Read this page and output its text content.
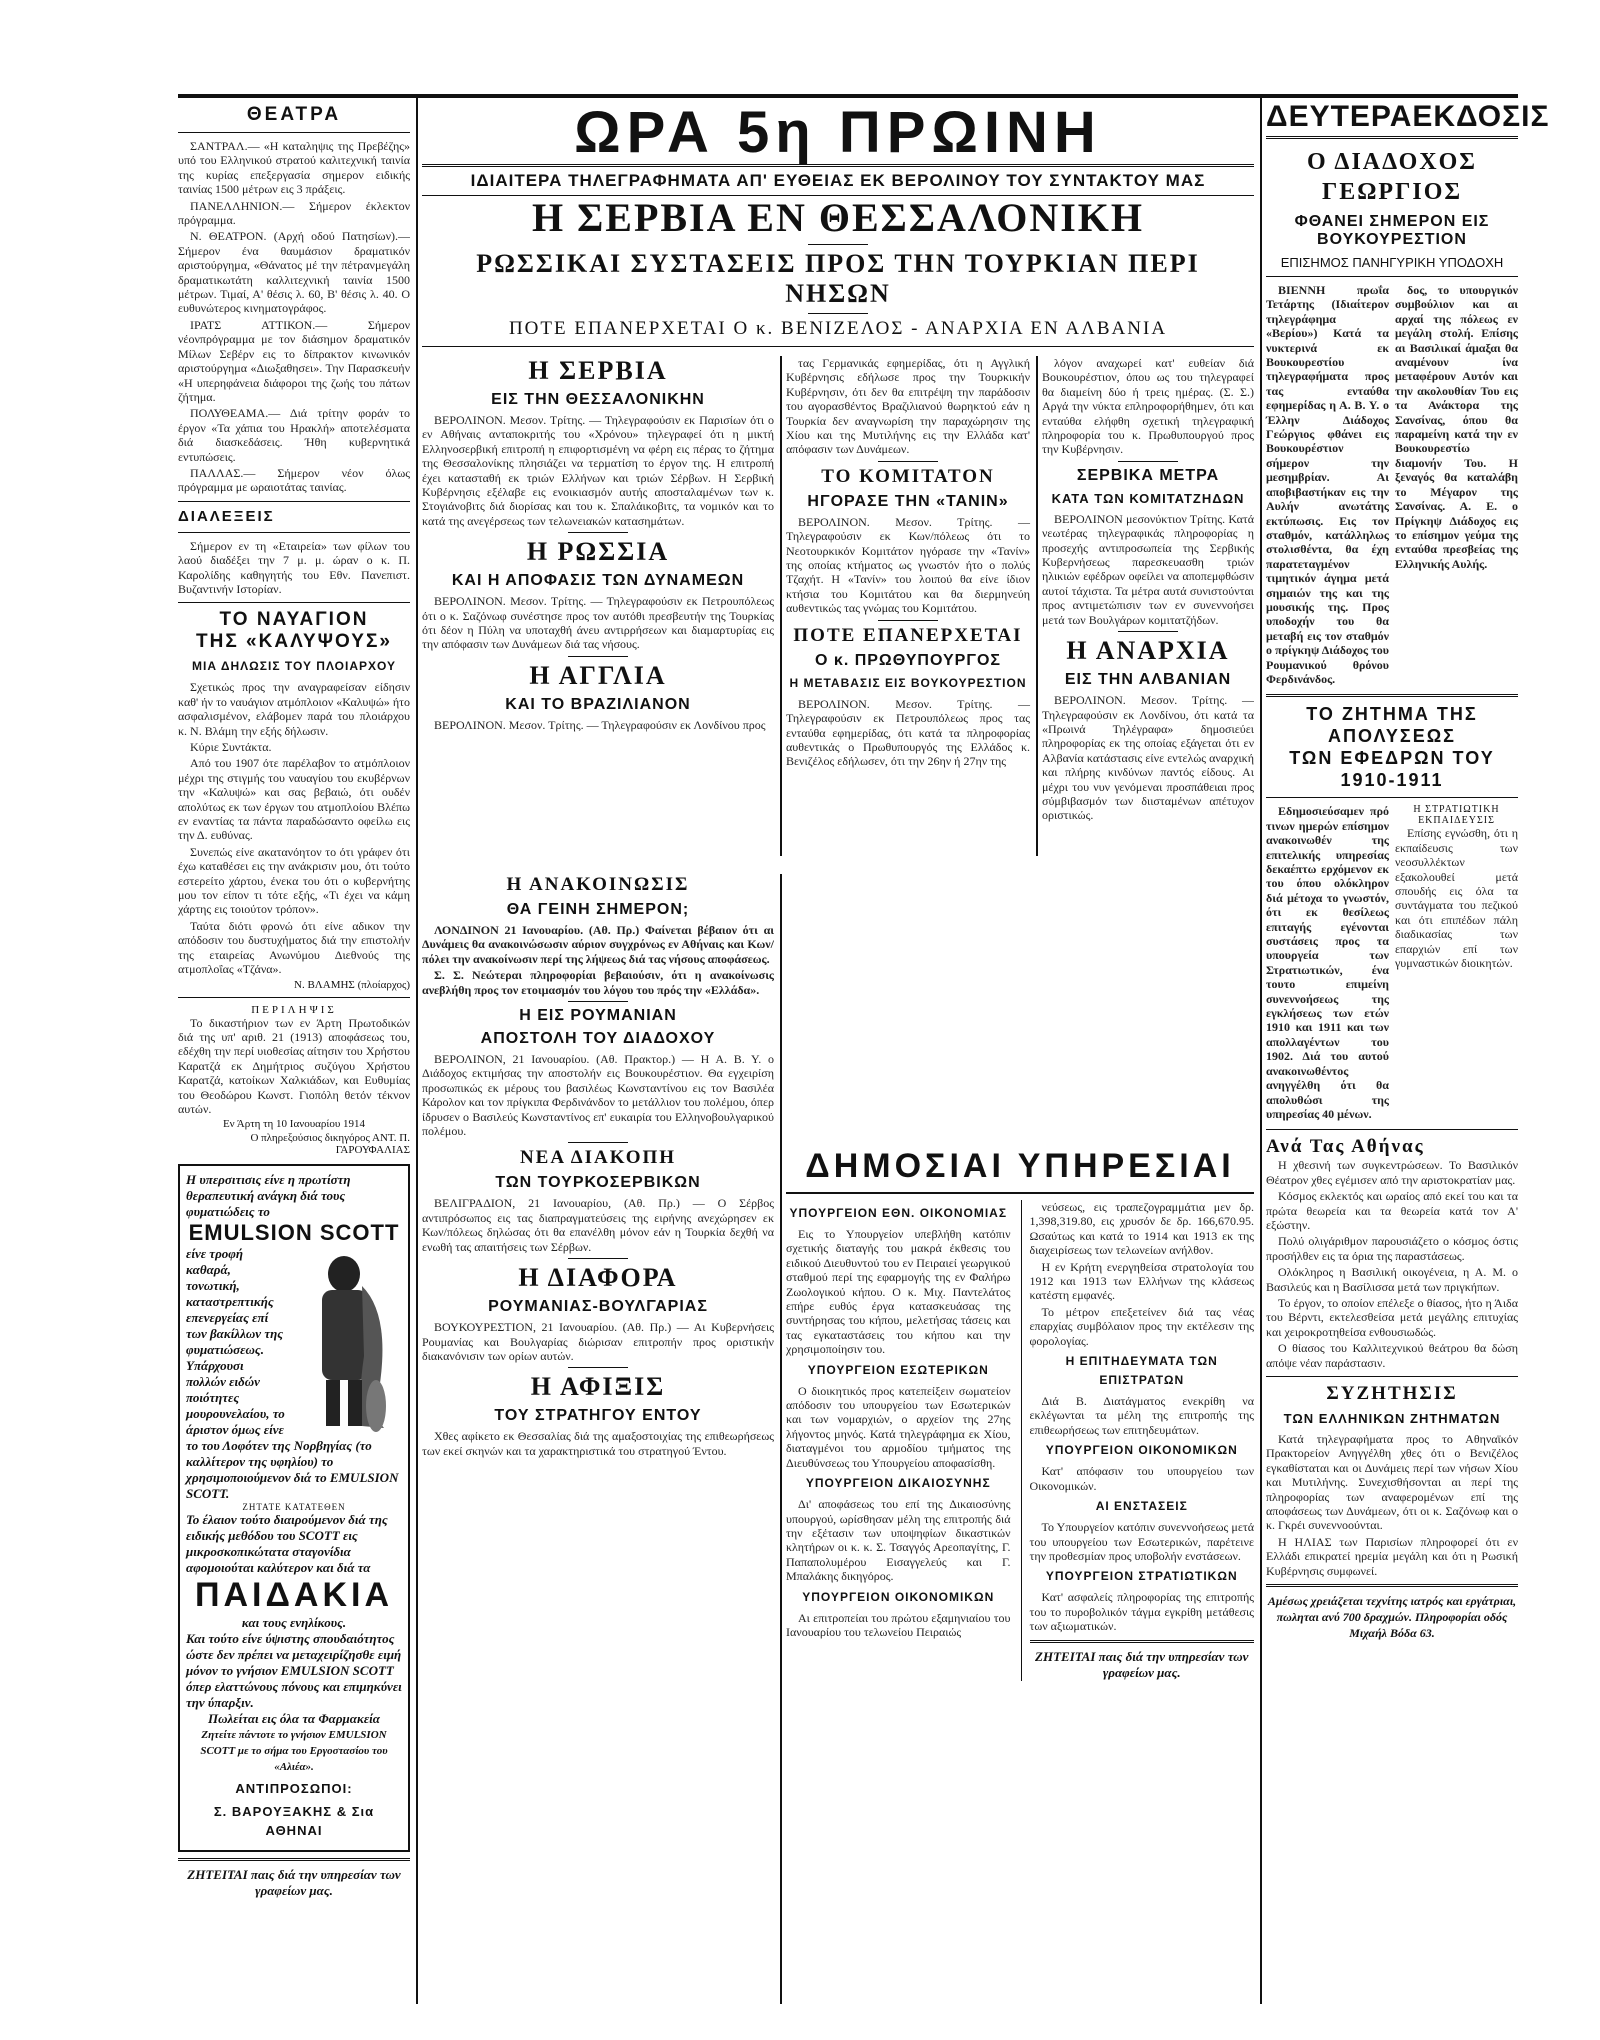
ΘΕΑΤΡΑ

ΣΑΝΤΡΑΛ.— «Η καταληψις της Πρεβέζης» υπό του Ελληνικού στρατού καλιτεχνική ταινία της κυρίας επεξεργασία σημερον ειδικής ταινίας 1500 μέτρων εις 3 πράξεις.

ΠΑΝΕΛΛΗΝΙΟΝ.— Σήμερον έκλεκτον πρόγραμμα.

Ν. ΘΕΑΤΡΟΝ. (Αρχή οδού Πατησίων).— Σήμερον ένα θαυμάσιον δραματικόν αριστούργημα, «Θάνατος μέ την πέτρανμεγάλη δραματικωτάτη καλλιτεχνική ταινία 1500 μέτρων. Τιμαί, Α' θέσις λ. 60, Β' θέσις λ. 40. Ο ευθυνώτερος κινηματογράφος.

ΙΡΑΤΣ ΑΤΤΙΚΟΝ.— Σήμερον νέονπρόγραμμα με τον διάσημον δραματικόν Μίλων Σεβέρν εις το δίπρακτον κινωνικόν αριστούργημα «Διωξαθησει». Την Παρασκευήν «Η υπερηφάνεια διάφοροι της ζωής του πάτων ζήτημα.

ΠΟΛΥΘΕΑΜΑ.— Διά τρίτην φοράν το έργον «Τα χάπια του Ηρακλή» αποτελέσματα διά διασκεδάσεις. Ήθη κυβερνητικά εντυπώσεις.

ΠΑΛΛΑΣ.— Σήμερον νέον όλως πρόγραμμα με ωραιοτάτας ταινίας.

ΔΙΑΛΕΞΕΙΣ

Σήμερον εν τη «Εταιρεία» των φίλων του λαού διαδέξει την 7 μ. μ. ώραν ο κ. Π. Καρολίδης καθηγητής του Εθν. Πανεπιστ. Βυζαντινήν Ιστορίαν.

ΤΟ ΝΑΥΑΓΙΟΝ
ΤΗΣ «ΚΑΛΥΨΟΥΣ»
ΜΙΑ ΔΗΛΩΣΙΣ ΤΟΥ ΠΛΟΙΑΡΧΟΥ

Σχετικώς προς την αναγραφείσαν είδησιν καθ' ήν το ναυάγιον ατμόπλοιον «Καλυψώ» ήτο ασφαλισμένον, ελάβομεν παρά του πλοιάρχου κ. Ν. Βλάμη την εξής δήλωσιν.

Κύριε Συντάκτα.

Από του 1907 ότε παρέλαβον το ατμόπλοιον μέχρι της στιγμής του ναυαγίου του εκυβέρνων την «Καλυψώ» και σας βεβαιώ, ότι ουδέν απολύτως εκ των έργων του ατμοπλοίου Βλέπω εν εναντίας τα πάντα παραδώσαντο οφείλω εις την Δ. ευθύνας.

Συνεπώς είνε ακατανόητον το ότι γράφεν ότι έχω καταθέσει εις την ανάκρισιν μου, ότι τούτο εστερείτο χάρτου, ένεκα του ότι ο κυβερνήτης μου τον είπον τι τότε εξής, «Τι έχει να κάμη χάρτης εις τοιούτον τρόπον».

Ταύτα διότι φρονώ ότι είνε αδικον την απόδοσιν του δυστυχήματος διά την επιστολήν της εταιρείας Ανωνύμου Διεθνούς της ατμοπλοΐας «Τζάνα».

Ν. ΒΛΑΜΗΣ (πλοίαρχος)
ΠΕΡΙΛΗΨΙΣ

Το δικαστήριον των εν Άρτη Πρωτοδικών διά της υπ' αριθ. 21 (1913) αποφάσεως του, εδέχθη την περί υιοθεσίας αίτησιν του Χρήστου Καρατζά εκ Δημήτριος συζύγου Χρήστου Καρατζά, κατοίκων Χαλκιάδων, και Ευθυμίας του Θεοδώρου Κωνστ. Γιοπόλη θετόν τέκνον αυτών.

Εν Άρτη τη 10 Ιανουαρίου 1914
Ο πληρεξούσιος δικηγόρος ΑΝΤ. Π. ΓΑΡΟΥΦΑΛΙΑΣ
Η υπερσιτισις είνε η πρωτίστη θεραπευτική ανάγκη διά τους φυματιώδεις το
EMULSION SCOTT
είνε τροφή καθαρά, τονωτική, καταστρεπτικής επενεργείας επί των βακίλλων της φυματιώσεως. Υπάρχουσι πολλών ειδών ποιότητες μουρουνελαίου, το άριστον όμως είνε το του Λοφότεν της Νορβηγίας (το καλλίτερον της υφηλίου) το χρησιμοποιούμενον διά το EMULSION SCOTT.
ΖΗΤΑΤΕ ΚΑΤΑΤΕΘΕΝ
Το έλαιον τούτο διαιρούμενον διά της ειδικής μεθόδου του SCOTT εις μικροσκοπικώτατα σταγονίδια αφομοιούται καλύτερον και διά τα
ΠΑΙΔΑΚΙΑ
και τους ενηλίκους.
Και τούτο είνε ύψιστης σπουδαιότητος ώστε δεν πρέπει να μεταχειρίζησθε ειμή μόνον το γνήσιον EMULSION SCOTT όπερ ελαττώνους πόνους και επιμηκύνει την ύπαρξιν.
Πωλείται εις όλα τα Φαρμακεία
Ζητείτε πάντοτε το γνήσιον EMULSION SCOTT με το σήμα του Εργοστασίου του «Αλιέα».
ΑΝΤΙΠΡΟΣΩΠΟΙ:
Σ. ΒΑΡΟΥΞΑΚΗΣ & Σια ΑΘΗΝΑΙ
ΖΗΤΕΙΤΑΙ παις διά την υπηρεσίαν των γραφείων μας.
ΩΡΑ 5η ΠΡΩΙΝΗ
ΙΔΙΑΙΤΕΡΑ ΤΗΛΕΓΡΑΦΗΜΑΤΑ ΑΠ' ΕΥΘΕΙΑΣ ΕΚ ΒΕΡΟΛΙΝΟΥ ΤΟΥ ΣΥΝΤΑΚΤΟΥ ΜΑΣ
Η ΣΕΡΒΙΑ ΕΝ ΘΕΣΣΑΛΟΝΙΚΗ
ΡΩΣΣΙΚΑΙ ΣΥΣΤΑΣΕΙΣ ΠΡΟΣ ΤΗΝ ΤΟΥΡΚΙΑΝ ΠΕΡΙ ΝΗΣΩΝ
ΠΟΤΕ ΕΠΑΝΕΡΧΕΤΑΙ Ο κ. ΒΕΝΙΖΕΛΟΣ - ΑΝΑΡΧΙΑ ΕΝ ΑΛΒΑΝΙΑ
Η ΣΕΡΒΙΑ
ΕΙΣ ΤΗΝ ΘΕΣΣΑΛΟΝΙΚΗΝ

ΒΕΡΟΛΙΝΟΝ. Μεσον. Τρίτης. — Τηλεγραφούσιν εκ Παρισίων ότι ο εν Αθήναις ανταποκριτής του «Χρόνου» τηλεγραφεί ότι η μικτή Ελληνοσερβική επιτροπή η επιφορτισμένη να φέρη εις πέρας το ζήτημα της Θεσσαλονίκης πλησιάζει να τερματίση το έργον της. Η επιτροπή έχει κατασταθή εκ τριών Ελλήνων και τριών Σέρβων. Η Σερβική Κυβέρνησις εξέλαβε εις ενοικιασμόν αυτής αποσταλαμένων των κ. Στογιάνοβιτς διά διορίσας και του κ. Σπαλάικοβιτς, τα νομικόν και το κατά της ανεγέρσεως των τελωνειακών κατασημάτων.

Η ΡΩΣΣΙΑ
ΚΑΙ Η ΑΠΟΦΑΣΙΣ ΤΩΝ ΔΥΝΑΜΕΩΝ

ΒΕΡΟΛΙΝΟΝ. Μεσον. Τρίτης. — Τηλεγραφούσιν εκ Πετρουπόλεως ότι ο κ. Σαζόνωφ συνέστησε προς τον αυτόθι πρεσβευτήν της Τουρκίας ότι δέον η Πύλη να υποταχθή άνευ αντιρρήσεων και διαμαρτυρίας εις την απόφασιν των Δυνάμεων διά τας νήσους.

Η ΑΓΓΛΙΑ
ΚΑΙ ΤΟ ΒΡΑΖΙΛΙΑΝΟΝ

ΒΕΡΟΛΙΝΟΝ. Μεσον. Τρίτης. — Τηλεγραφούσιν εκ Λονδίνου προς

τας Γερμανικάς εφημερίδας, ότι η Αγγλική Κυβέρνησις εδήλωσε προς την Τουρκικήν Κυβέρνησιν, ότι δεν θα επιτρέψη την παράδοσιν του αγορασθέντος Βραζιλιανού θωρηκτού εάν η Τουρκία δεν αναγνωρίση την παραχώρησιν της Χίου και της Μυτιλήνης εις την Ελλάδα κατ' απόφασιν των Δυνάμεων.

ΤΟ ΚΟΜΙΤΑΤΟΝ
ΗΓΟΡΑΣΕ ΤΗΝ «ΤΑΝΙΝ»

ΒΕΡΟΛΙΝΟΝ. Μεσον. Τρίτης. — Τηλεγραφούσιν εκ Κων/πόλεως ότι το Νεοτουρκικόν Κομιτάτον ηγόρασε την «Τανίν» της οποίας κτήματος ως γνωστόν ήτο ο πολύς Τζαχήτ. Η «Τανίν» του λοιπού θα είνε ίδιον κτήσια του Κομιτάτου και θα διερμηνεύη αυθεντικώς τας γνώμας του Κομιτάτου.

ΠΟΤΕ ΕΠΑΝΕΡΧΕΤΑΙ
Ο κ. ΠΡΩΘΥΠΟΥΡΓΟΣ
Η ΜΕΤΑΒΑΣΙΣ ΕΙΣ ΒΟΥΚΟΥΡΕΣΤΙΟΝ

ΒΕΡΟΛΙΝΟΝ. Μεσον. Τρίτης. — Τηλεγραφούσιν εκ Πετρουπόλεως προς τας ενταύθα εφημερίδας, ότι κατά τα πληροφορίας αυθεντικάς ο Πρωθυπουργός της Ελλάδος κ. Βενιζέλος εδήλωσεν, ότι την 26ην ή 27ην της

λόγον αναχωρεί κατ' ευθείαν διά Βουκουρέστιον, όπου ως του τηλεγραφεί θα διαμείνη δύο ή τρεις ημέρας. (Σ. Σ.) Αργά την νύκτα επληροφορήθημεν, ότι και ενταύθα ελήφθη σχετική τηλεγραφική πληροφορία του κ. Πρωθυπουργού προς την Κυβέρνησιν.

ΣΕΡΒΙΚΑ ΜΕΤΡΑ
ΚΑΤΑ ΤΩΝ ΚΟΜΙΤΑΤΖΗΔΩΝ

ΒΕΡΟΛΙΝΟΝ μεσονύκτιον Τρίτης. Κατά νεωτέρας τηλεγραφικάς πληροφορίας η προσεχής αντιπροσωπεία της Σερβικής Κυβερνήσεως παρεσκευασθη τριών ηλικιών εφέδρων οφείλει να αποπεμφθώσιν αυτοί τάχιστα. Τα μέτρα αυτά συνιστούνται προς αντιμετώπισιν των εν συνεννοήσει μετά των Βουλγάρων κομιτατζήδων.

Η ΑΝΑΡΧΙΑ
ΕΙΣ ΤΗΝ ΑΛΒΑΝΙΑΝ

ΒΕΡΟΛΙΝΟΝ. Μεσον. Τρίτης. — Τηλεγραφούσιν εκ Λονδίνου, ότι κατά τα «Πρωινά Τηλέγραφα» δημοσιεύει πληροφορίας εκ της οποίας εξάγεται ότι εν Αλβανία κατάστασις είνε εντελώς αναρχική και πλήρης κινδύνων παντός είδους. Αι μέχρι του νυν γενόμεναι προσπάθειαι προς σύμβιβασμόν των διισταμένων απέτυχον οριστικώς.

Η ΑΝΑΚΟΙΝΩΣΙΣ
ΘΑ ΓΕΙΝΗ ΣΗΜΕΡΟΝ;

ΛΟΝΔΙΝΟΝ 21 Ιανουαρίου. (Αθ. Πρ.) Φαίνεται βέβαιον ότι αι Δυνάμεις θα ανακοινώσωσιν αύριον συγχρόνως εν Αθήναις και Κων/πόλει την ανακοίνωσιν περί της λήψεως διά τας νήσους αποφάσεως.

Σ. Σ. Νεώτεραι πληροφορίαι βεβαιούσιν, ότι η ανακοίνωσις ανεβλήθη προς τον ετοιμασμόν του λόγου του πρός την «Ελλάδα».

Η ΕΙΣ ΡΟΥΜΑΝΙΑΝ
ΑΠΟΣΤΟΛΗ ΤΟΥ ΔΙΑΔΟΧΟΥ

ΒΕΡΟΛΙΝΟΝ, 21 Ιανουαρίου. (Αθ. Πρακτορ.) — Η Α. Β. Υ. ο Διάδοχος εκτιμήσας την αποστολήν εις Βουκουρέστιον. Θα εγχειρίση προσωπικώς εκ μέρους του βασιλέως Κωνσταντίνου εις τον Βασιλέα Κάρολον και τον πρίγκιπα Φερδινάνδον το μετάλλιον του πολέμου, όπερ ίδρυσεν ο Βασιλεύς Κωνσταντίνος επ' ευκαιρία του Ελληνοβουλγαρικού πολέμου.

ΝΕΑ ΔΙΑΚΟΠΗ
ΤΩΝ ΤΟΥΡΚΟΣΕΡΒΙΚΩΝ

ΒΕΛΙΓΡΑΔΙΟΝ, 21 Ιανουαρίου, (Αθ. Πρ.) — Ο Σέρβος αντιπρόσωπος εις τας διαπραγματεύσεις της ειρήνης ανεχώρησεν εκ Κων/πόλεως δηλώσας ότι θα επανέλθη μόνον εάν η Τουρκία δεχθή να ενωθή τας απαιτήσεις των Σέρβων.

Η ΔΙΑΦΟΡΑ
ΡΟΥΜΑΝΙΑΣ-ΒΟΥΛΓΑΡΙΑΣ

ΒΟΥΚΟΥΡΕΣΤΙΟΝ, 21 Ιανουαρίου. (Αθ. Πρ.) — Αι Κυβερνήσεις Ρουμανίας και Βουλγαρίας διώρισαν επιτροπήν προς οριστικήν διακανόνισιν των ορίων αυτών.

Η ΑΦΙΞΙΣ
ΤΟΥ ΣΤΡΑΤΗΓΟΥ ΕΝΤΟΥ

Χθες αφίκετο εκ Θεσσαλίας διά της αμαξοστοιχίας της επιθεωρήσεως των εκεί σκηνών και τα χαρακτηριστικά του στρατηγού Έντου.

ΔΗΜΟΣΙΑΙ ΥΠΗΡΕΣΙΑΙ
ΥΠΟΥΡΓΕΙΟΝ ΕΘΝ. ΟΙΚΟΝΟΜΙΑΣ

Εις το Υπουργείον υπεβλήθη κατόπιν σχετικής διαταγής του μακρά έκθεσις του ειδικού Διευθυντού του εν Πειραιεί γεωργικού σταθμού περί της εφαρμογής της εν Φαλήρω Ζωολογικού κήπου. Ο κ. Μιχ. Παντελάτος επήρε ευθύς έργα κατασκευάσας της συντήρησας του κήπου, μελετήσας τάσεις και τας εγκαταστάσεις του κήπου και την χρησιμοποίησιν του.

ΥΠΟΥΡΓΕΙΟΝ ΕΣΩΤΕΡΙΚΩΝ

Ο διοικητικός προς κατεπείξειν σωματείον απόδοσιν του υπουργείου των Εσωτερικών και των νομαρχιών, ο αρχείον της 27ης λήγοντος μηνός. Κατά τηλεγράφημα εκ Χίου, διαταγμένοι του αρμοδίου τμήματος της Διευθύνσεως του Υπουργείου αποφασίσθη.

ΥΠΟΥΡΓΕΙΟΝ ΔΙΚΑΙΟΣΥΝΗΣ

Δι' αποφάσεως του επί της Δικαιοσύνης υπουργού, ωρίσθησαν μέλη της επιτροπής διά την εξέτασιν των υποψηφίων δικαστικών κλητήρων οι κ. κ. Σ. Τσαγγός Αρεοπαγίτης, Γ. Παπαπολυμέρου Εισαγγελεύς και Γ. Μπαλάκης δικηγόρος.

ΥΠΟΥΡΓΕΙΟΝ ΟΙΚΟΝΟΜΙΚΩΝ

Αι επιτροπείαι του πρώτου εξαμηνιαίου του Ιανουαρίου του τελωνείου Πειραιώς

νεύσεως, εις τραπεζογραμμάτια μεν δρ. 1,398,319.80, εις χρυσόν δε δρ. 166,670.95. Ωσαύτως και κατά το 1914 και 1913 εκ της διαχειρίσεως των τελωνείων ανήλθον.

Η εν Κρήτη ενεργηθείσα στρατολογία του 1912 και 1913 των Ελλήνων της κλάσεως κατέστη εμφανές.

Το μέτρον επεξετείνεν διά τας νέας επαρχίας συμβόλαιον προς την εκτέλεσιν της φορολογίας.

Η ΕΠΙΤΗΔΕΥΜΑΤΑ ΤΩΝ ΕΠΙΣΤΡΑΤΩΝ

Διά Β. Διατάγματος ενεκρίθη να εκλέγωνται τα μέλη της επιτροπής της επιθεωρήσεως των επιτηδευμάτων.

ΥΠΟΥΡΓΕΙΟΝ ΟΙΚΟΝΟΜΙΚΩΝ

Κατ' απόφασιν του υπουργείου των Οικονομικών.

ΑΙ ΕΝΣΤΑΣΕΙΣ

Το Υπουργείον κατόπιν συνεννοήσεως μετά του υπουργείου των Εσωτερικών, παρέτεινε την προθεσμίαν προς υποβολήν ενστάσεων.

ΥΠΟΥΡΓΕΙΟΝ ΣΤΡΑΤΙΩΤΙΚΩΝ

Κατ' ασφαλείς πληροφορίας της επιτροπής του το πυροβολικόν τάγμα εγκρίθη μετάθεσις των αξιωματικών.

ΖΗΤΕΙΤΑΙ παις διά την υπηρεσίαν των γραφείων μας.
ΔΕΥΤΕΡΑΕΚΔΟΣΙΣ
Ο ΔΙΑΔΟΧΟΣ ΓΕΩΡΓΙΟΣ
ΦΘΑΝΕΙ ΣΗΜΕΡΟΝ ΕΙΣ ΒΟΥΚΟΥΡΕΣΤΙΟΝ
ΕΠΙΣΗΜΟΣ ΠΑΝΗΓΥΡΙΚΗ ΥΠΟΔΟΧΗ

ΒΙΕΝΝΗ πρωΐα Τετάρτης (Ιδιαίτερον τηλεγράφημα «Βερίου») Κατά τα νυκτερινά εκ Βουκουρεστίου τηλεγραφήματα προς τας ενταύθα εφημερίδας η Α. Β. Υ. ο Έλλην Διάδοχος Γεώργιος φθάνει εις Βουκουρέστιον σήμερον την μεσημβρίαν. Αι αποβιβαστήκαν εις την Αυλήν ανωτάτης εκτύπωσις. Εις τον σταθμόν, κατάλληλως στολισθέντα, θα έχη παρατεταγμένον τιμητικόν άγημα μετά σημαιών της και της μουσικής της. Προς υποδοχήν του θα μεταβή εις τον σταθμόν ο πρίγκηψ Διάδοχος του Ρουμανικού θρόνου Φερδινάνδος.

δος, το υπουργικόν συμβούλιον και αι αρχαί της πόλεως εν μεγάλη στολή. Επίσης αι Βασιλικαί άμαξαι θα αναμένουν ίνα μεταφέρουν Αυτόν και την ακολουθίαν Του εις τα Ανάκτορα της Σανσίνας, όπου θα παραμείνη κατά την εν Βουκουρεστίω διαμονήν Του. Η ξεναγός θα καταλάβη το Μέγαρον της Σανσίνας. Α. Ε. ο Πρίγκηψ Διάδοχος εις το επίσημον γεύμα της ενταύθα πρεσβείας της Ελληνικής Αυλής.

ΤΟ ΖΗΤΗΜΑ ΤΗΣ ΑΠΟΛΥΣΕΩΣ
ΤΩΝ ΕΦΕΔΡΩΝ ΤΟΥ 1910-1911

Εδημοσιεύσαμεν πρό τινων ημερών επίσημον ανακοινωθέν της επιτελικής υπηρεσίας δεκαέπτω ερχόμενον εκ του όπου ολόκληρον διά μέτοχα το γνωστόν, ότι εκ θεσίλεως επιταγής εγένονται συστάσεις προς τα υπουργεία των Στρατιωτικών, ένα τουτο επιμείνη συνεννοήσεως της εγκλήσεως των ετών 1910 και 1911 και των απολλαγέντων του 1902. Διά του αυτού ανακοινωθέντος ανηγγέλθη ότι θα απολυθώσι της υπηρεσίας 40 μένων.

Η ΣΤΡΑΤΙΩΤΙΚΗ ΕΚΠΑΙΔΕΥΣΙΣ

Επίσης εγνώσθη, ότι η εκπαίδευσις των νεοσυλλέκτων εξακολουθεί μετά σπουδής εις όλα τα συντάγματα του πεζικού και ότι επιπέδων πάλη διαδικασίας των επαρχιών επί των γυμναστικών διοικητών.

Ανά Τας Αθήνας

Η χθεσινή των συγκεντρώσεων. Το Βασιλικόν Θέατρον χθες εγέμισεν από την αριστοκρατίαν μας.

Κόσμος εκλεκτός και ωραίος από εκεί του και τα πρώτα θεωρεία και τα θεωρεία κατά τον Α' εξώστην.

Πολύ ολιγάριθμον παρουσιάζετο ο κόσμος όστις προσήλθεν εις τα όρια της παραστάσεως.

Ολόκληρος η Βασιλική οικογένεια, η Α. Μ. ο Βασιλεύς και η Βασίλισσα μετά των πριγκήπων.

Το έργον, το οποίον επέλεξε ο θίασος, ήτο η Άιδα του Βέρντι, εκτελεσθείσα μετά μεγάλης επιτυχίας και χειροκροτηθείσα ενθουσιωδώς.

Ο θίασος του Καλλιτεχνικού θεάτρου θα δώση απόψε νέαν παράστασιν.

ΣΥΖΗΤΗΣΙΣ
ΤΩΝ ΕΛΛΗΝΙΚΩΝ ΖΗΤΗΜΑΤΩΝ

Κατά τηλεγραφήματα προς το Αθηναϊκόν Πρακτορείον Ανηγγέλθη χθες ότι ο Βενιζέλος εγκαθίσταται και οι Δυνάμεις περί των νήσων Χίου και Μυτιλήνης. Συνεχισθήσονται αι περί της πληροφορίας των αναφερομένων επί της αποφάσεως των Δυνάμεων, ότι οι κ. Σαζόνωφ και ο κ. Γκρέι συνεννοούνται.

Η ΗΛΙΑΣ των Παρισίων πληροφορεί ότι εν Ελλάδι επικρατεί ηρεμία μεγάλη και ότι η Ρωσική Κυβέρνησις συμφωνεί.

Αμέσως χρειάζεται τεχνίτης ιατρός και εργάτριαι, πωληται ανύ 700 δραχμών. Πληροφορίαι οδός Μιχαήλ Βόδα 63.
